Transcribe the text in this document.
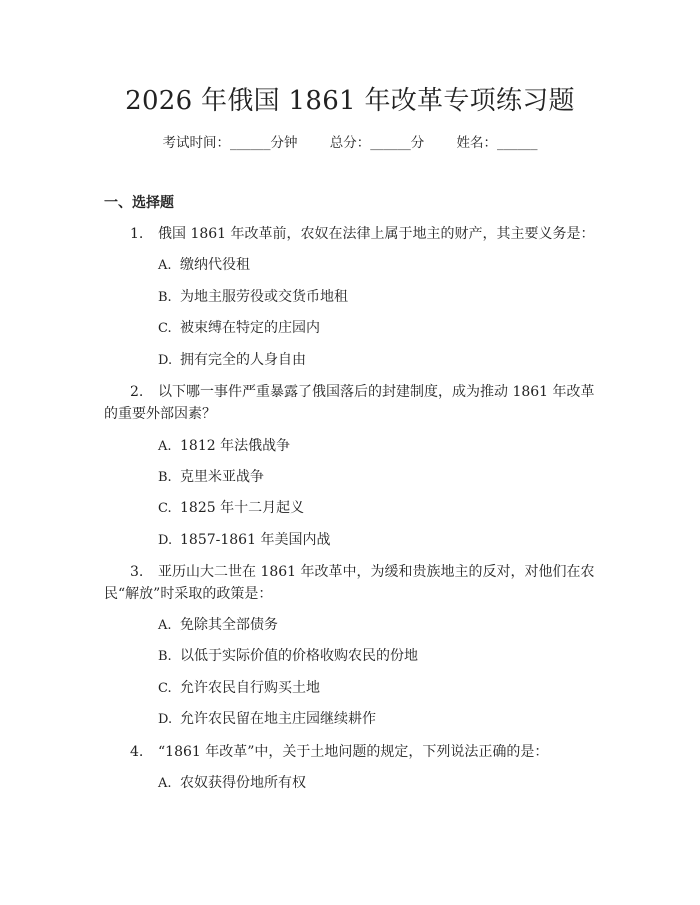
2026 年俄国 1861 年改革专项练习题
考试时间：______分钟 总分：______分 姓名：______
一、选择题

1. 俄国 1861 年改革前，农奴在法律上属于地主的财产，其主要义务是：

A. 缴纳代役租

B. 为地主服劳役或交货币地租

C. 被束缚在特定的庄园内

D. 拥有完全的人身自由

2. 以下哪一事件严重暴露了俄国落后的封建制度，成为推动 1861 年改革的重要外部因素？

A. 1812 年法俄战争

B. 克里米亚战争

C. 1825 年十二月起义

D. 1857-1861 年美国内战

3. 亚历山大二世在 1861 年改革中，为缓和贵族地主的反对，对他们在农民“解放”时采取的政策是：

A. 免除其全部债务

B. 以低于实际价值的价格收购农民的份地

C. 允许农民自行购买土地

D. 允许农民留在地主庄园继续耕作

4. “1861 年改革”中，关于土地问题的规定，下列说法正确的是：

A. 农奴获得份地所有权
